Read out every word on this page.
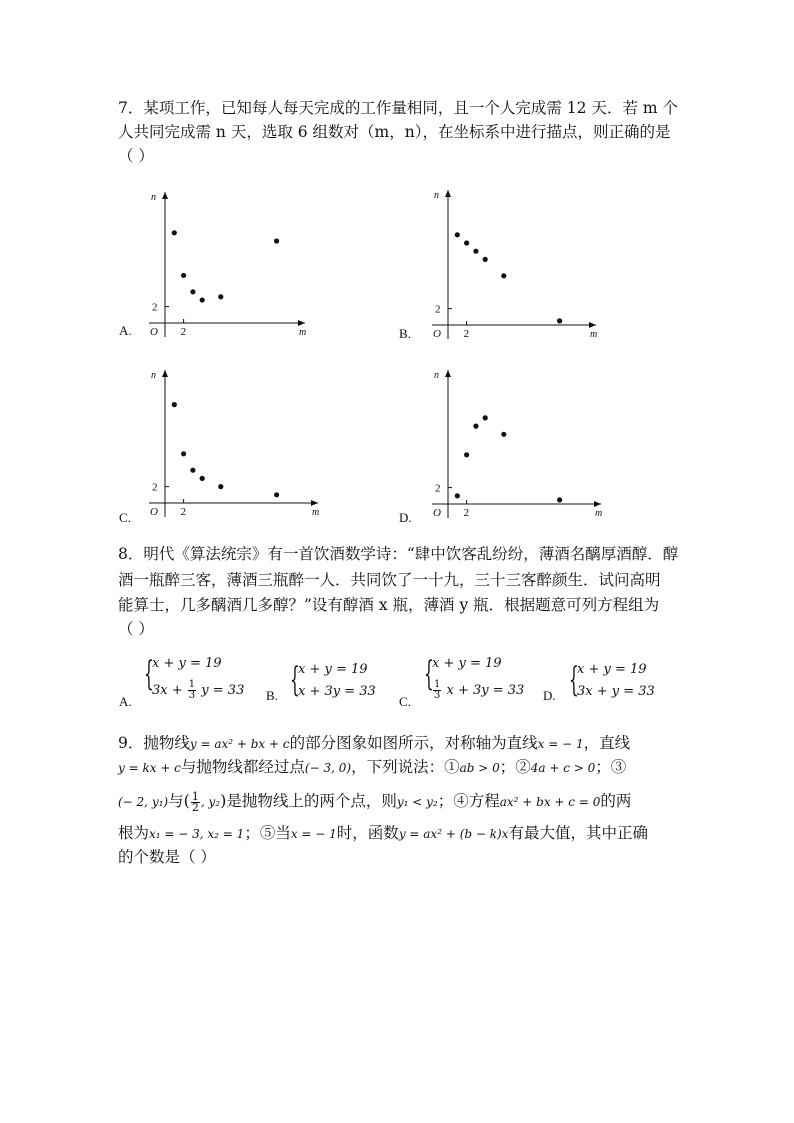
7．某项工作，已知每人每天完成的工作量相同，且一个人完成需 12 天．若 m 个
人共同完成需 n 天，选取 6 组数对（m，n），在坐标系中进行描点，则正确的是
（ ）
2
2
O	m
n
A.	2
2
O	m
n
B.
2
2
O	m
n
C.	2
2
O	m
n
D.
8．明代《算法统宗》有一首饮酒数学诗：“肆中饮客乱纷纷，薄酒名醨厚酒醇．醇
酒一瓶醉三客，薄酒三瓶醉一人．共同饮了一十九，三十三客醉颜生．试问高明
能算士，几多醨酒几多醇？”设有醇酒 x 瓶，薄酒 y 瓶．根据题意可列方程组为
（ ）
A.
{
x + y = 19
$3x + \frac{1}{3}$ y = 33 B. {
x + y = 19
x + 3y = 33
C.
{
x + y = 19
$\frac{1}{3}$ x + 3y = 33 D. {
x + y = 19
3x + y = 33
9．抛物线y = ax² + bx + c的部分图象如图所示，对称轴为直线x = − 1，直线
y = kx + c与抛物线都经过点(− 3, 0)，下列说法：①ab > 0；②4a + c > 0；③
(− 2, y₁)与( $\frac{1}{2}$ , y₂)是抛物线上的两个点，则y₁ < y₂；④方程ax² + bx + c = 0的两
根为x₁ = − 3, x₂ = 1；⑤当x = − 1时，函数y = ax² + (b − k)x有最大值，其中正确
的个数是（ ）
